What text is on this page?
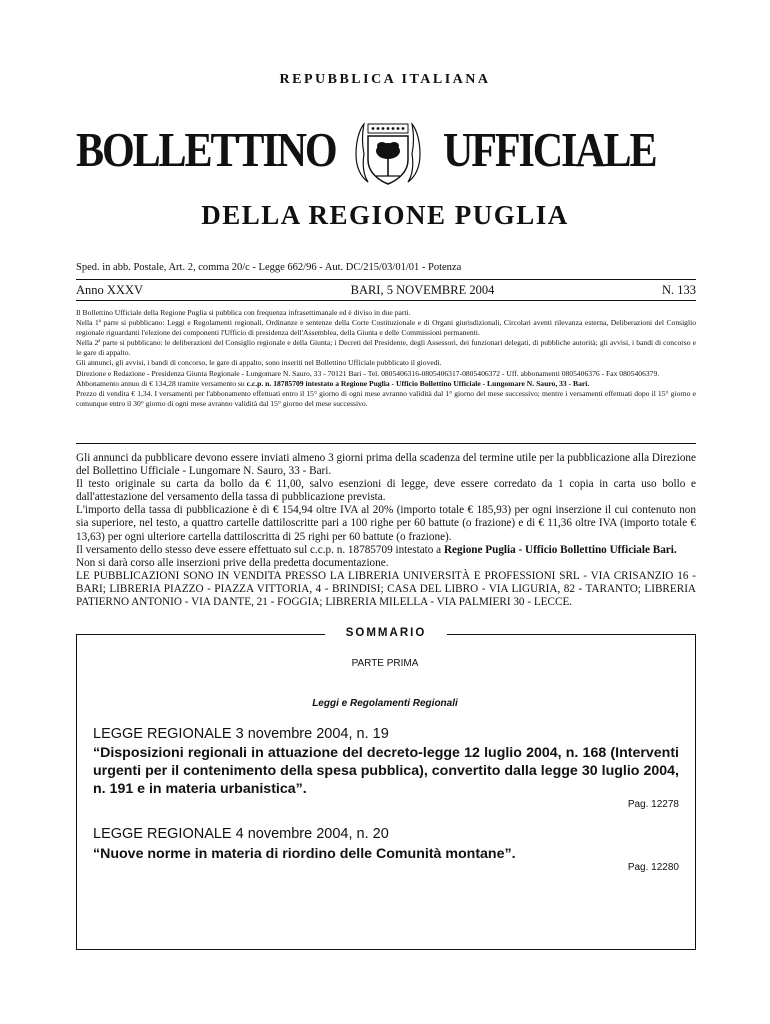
REPUBBLICA ITALIANA
BOLLETTINO UFFICIALE
DELLA REGIONE PUGLIA
Sped. in abb. Postale, Art. 2, comma 20/c - Legge 662/96 - Aut. DC/215/03/01/01 - Potenza
Anno XXXV	BARI, 5 NOVEMBRE 2004	N. 133

Il Bollettino Ufficiale della Regione Puglia si pubblica con frequenza infrasettimanale ed è diviso in due parti.

Nella 1ª parte si pubblicano: Leggi e Regolamenti regionali, Ordinanze e sentenze della Corte Costituzionale e di Organi giurisdizionali, Circolari aventi rilevanza esterna, Deliberazioni del Consiglio regionale riguardanti l'elezione dei componenti l'Ufficio di presidenza dell'Assemblea, della Giunta e delle Commissioni permanenti.

Nella 2ª parte si pubblicano: le deliberazioni del Consiglio regionale e della Giunta; i Decreti del Presidente, degli Assessori, dei funzionari delegati, di pubbliche autorità; gli avvisi, i bandi di concorso e le gare di appalto.

Gli annunci, gli avvisi, i bandi di concorso, le gare di appalto, sono inseriti nel Bollettino Ufficiale pubblicato il giovedì.

Direzione e Redazione - Presidenza Giunta Regionale - Lungomare N. Sauro, 33 - 70121 Bari - Tel. 0805406316-0805406317-0805406372 - Uff. abbonamenti 0805406376 - Fax 0805406379.

Abbonamento annuo di € 134,28 tramite versamento su c.c.p. n. 18785709 intestato a Regione Puglia - Ufficio Bollettino Ufficiale - Lungomare N. Sauro, 33 - Bari.

Prezzo di vendita € 1,34. I versamenti per l'abbonamento effettuati entro il 15° giorno di ogni mese avranno validità dal 1° giorno del mese successivo; mentre i versamenti effettuati dopo il 15° giorno e comunque entro il 30° giorno di ogni mese avranno validità dal 15° giorno del mese successivo.

Gli annunci da pubblicare devono essere inviati almeno 3 giorni prima della scadenza del termine utile per la pubblicazione alla Direzione del Bollettino Ufficiale - Lungomare N. Sauro, 33 - Bari.

Il testo originale su carta da bollo da € 11,00, salvo esenzioni di legge, deve essere corredato da 1 copia in carta uso bollo e dall'attestazione del versamento della tassa di pubblicazione prevista.

L'importo della tassa di pubblicazione è di € 154,94 oltre IVA al 20% (importo totale € 185,93) per ogni inserzione il cui contenuto non sia superiore, nel testo, a quattro cartelle dattiloscritte pari a 100 righe per 60 battute (o frazione) e di € 11,36 oltre IVA (importo totale € 13,63) per ogni ulteriore cartella dattiloscritta di 25 righi per 60 battute (o frazione).

Il versamento dello stesso deve essere effettuato sul c.c.p. n. 18785709 intestato a Regione Puglia - Ufficio Bollettino Ufficiale Bari.

Non si darà corso alle inserzioni prive della predetta documentazione.

LE PUBBLICAZIONI SONO IN VENDITA PRESSO LA LIBRERIA UNIVERSITÀ E PROFESSIONI SRL - VIA CRISANZIO 16 - BARI; LIBRERIA PIAZZO - PIAZZA VITTORIA, 4 - BRINDISI; CASA DEL LIBRO - VIA LIGURIA, 82 - TARANTO; LIBRERIA PATIERNO ANTONIO - VIA DANTE, 21 - FOGGIA; LIBRERIA MILELLA - VIA PALMIERI 30 - LECCE.

SOMMARIO
PARTE PRIMA
Leggi e Regolamenti Regionali
LEGGE REGIONALE 3 novembre 2004, n. 19
“Disposizioni regionali in attuazione del decreto-legge 12 luglio 2004, n. 168 (Interventi urgenti per il contenimento della spesa pubblica), convertito dalla legge 30 luglio 2004, n. 191 e in materia urbanistica”.
Pag. 12278
LEGGE REGIONALE 4 novembre 2004, n. 20
“Nuove norme in materia di riordino delle Comunità montane”.
Pag. 12280
